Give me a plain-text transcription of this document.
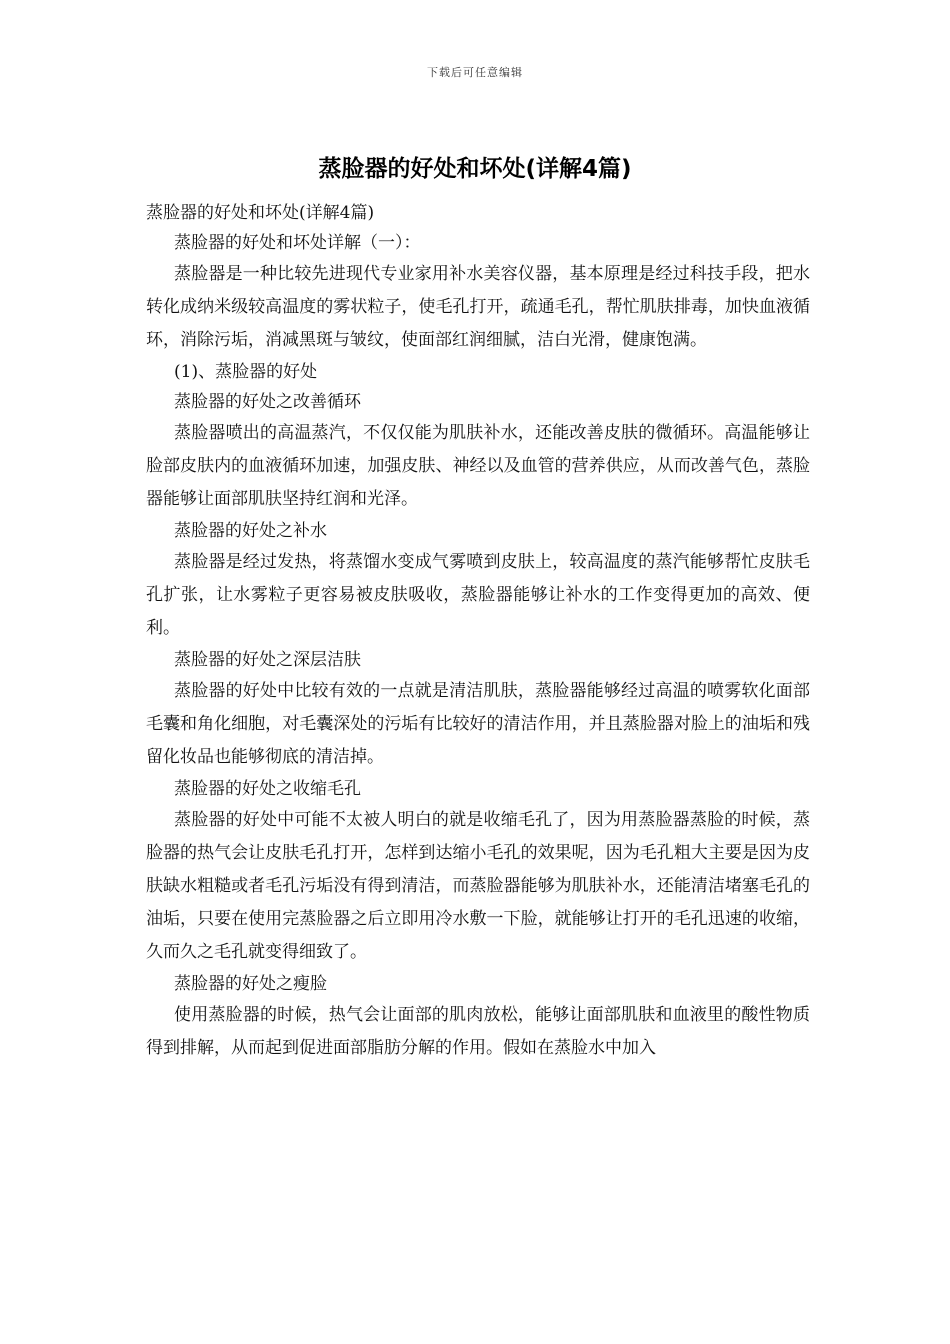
下载后可任意编辑
蒸脸器的好处和坏处(详解4篇)

蒸脸器的好处和坏处(详解4篇)

蒸脸器的好处和坏处详解（一）：

蒸脸器是一种比较先进现代专业家用补水美容仪器，基本原理是经过科技手段，把水转化成纳米级较高温度的雾状粒子，使毛孔打开，疏通毛孔，帮忙肌肤排毒，加快血液循环，消除污垢，消减黑斑与皱纹，使面部红润细腻，洁白光滑，健康饱满。

(1)、蒸脸器的好处

蒸脸器的好处之改善循环

蒸脸器喷出的高温蒸汽，不仅仅能为肌肤补水，还能改善皮肤的微循环。高温能够让脸部皮肤内的血液循环加速，加强皮肤、神经以及血管的营养供应，从而改善气色，蒸脸器能够让面部肌肤坚持红润和光泽。

蒸脸器的好处之补水

蒸脸器是经过发热，将蒸馏水变成气雾喷到皮肤上，较高温度的蒸汽能够帮忙皮肤毛孔扩张，让水雾粒子更容易被皮肤吸收，蒸脸器能够让补水的工作变得更加的高效、便利。

蒸脸器的好处之深层洁肤

蒸脸器的好处中比较有效的一点就是清洁肌肤，蒸脸器能够经过高温的喷雾软化面部毛囊和角化细胞，对毛囊深处的污垢有比较好的清洁作用，并且蒸脸器对脸上的油垢和残留化妆品也能够彻底的清洁掉。

蒸脸器的好处之收缩毛孔

蒸脸器的好处中可能不太被人明白的就是收缩毛孔了，因为用蒸脸器蒸脸的时候，蒸脸器的热气会让皮肤毛孔打开，怎样到达缩小毛孔的效果呢，因为毛孔粗大主要是因为皮肤缺水粗糙或者毛孔污垢没有得到清洁，而蒸脸器能够为肌肤补水，还能清洁堵塞毛孔的油垢，只要在使用完蒸脸器之后立即用冷水敷一下脸，就能够让打开的毛孔迅速的收缩，久而久之毛孔就变得细致了。

蒸脸器的好处之瘦脸

使用蒸脸器的时候，热气会让面部的肌肉放松，能够让面部肌肤和血液里的酸性物质得到排解，从而起到促进面部脂肪分解的作用。假如在蒸脸水中加入
